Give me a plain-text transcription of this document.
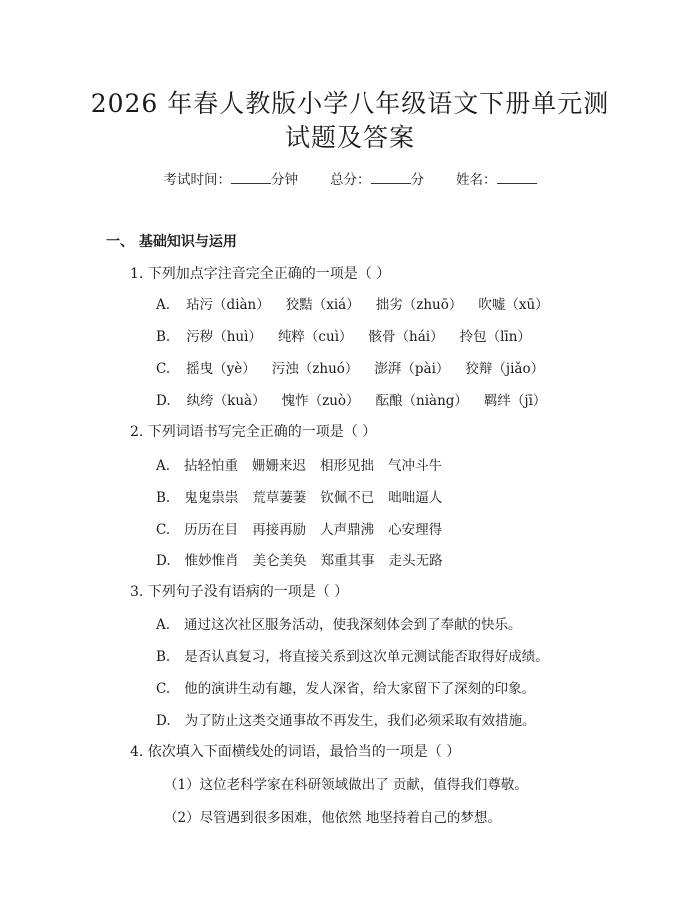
2026 年春人教版小学八年级语文下册单元测
试题及答案
考试时间：	分钟 总分：	分 姓名：
一、 基础知识与运用
1. 下列加点字注音完全正确的一项是（ ）
A. 玷污（diàn） 狡黠（xiá） 拙劣（zhuō） 吹嘘（xū）
B. 污秽（huì） 纯粹（cuì） 骸骨（hái） 拎包（līn）
C. 摇曳（yè） 污浊（zhuó） 澎湃（pài） 狡辩（jiǎo）
D. 纨绔（kuà） 愧怍（zuò） 酝酿（niàng） 羁绊（jī）
2. 下列词语书写完全正确的一项是（ ）
A. 拈轻怕重 姗姗来迟 相形见拙 气冲斗牛
B. 鬼鬼祟祟 荒草萋萋 钦佩不已 咄咄逼人
C. 历历在目 再接再励 人声鼎沸 心安理得
D. 惟妙惟肖 美仑美奂 郑重其事 走头无路
3. 下列句子没有语病的一项是（ ）
A. 通过这次社区服务活动，使我深刻体会到了奉献的快乐。
B. 是否认真复习，将直接关系到这次单元测试能否取得好成绩。
C. 他的演讲生动有趣，发人深省，给大家留下了深刻的印象。
D. 为了防止这类交通事故不再发生，我们必须采取有效措施。
4. 依次填入下面横线处的词语，最恰当的一项是（ ）
（1）这位老科学家在科研领域做出了 贡献，值得我们尊敬。
（2）尽管遇到很多困难，他依然 地坚持着自己的梦想。
